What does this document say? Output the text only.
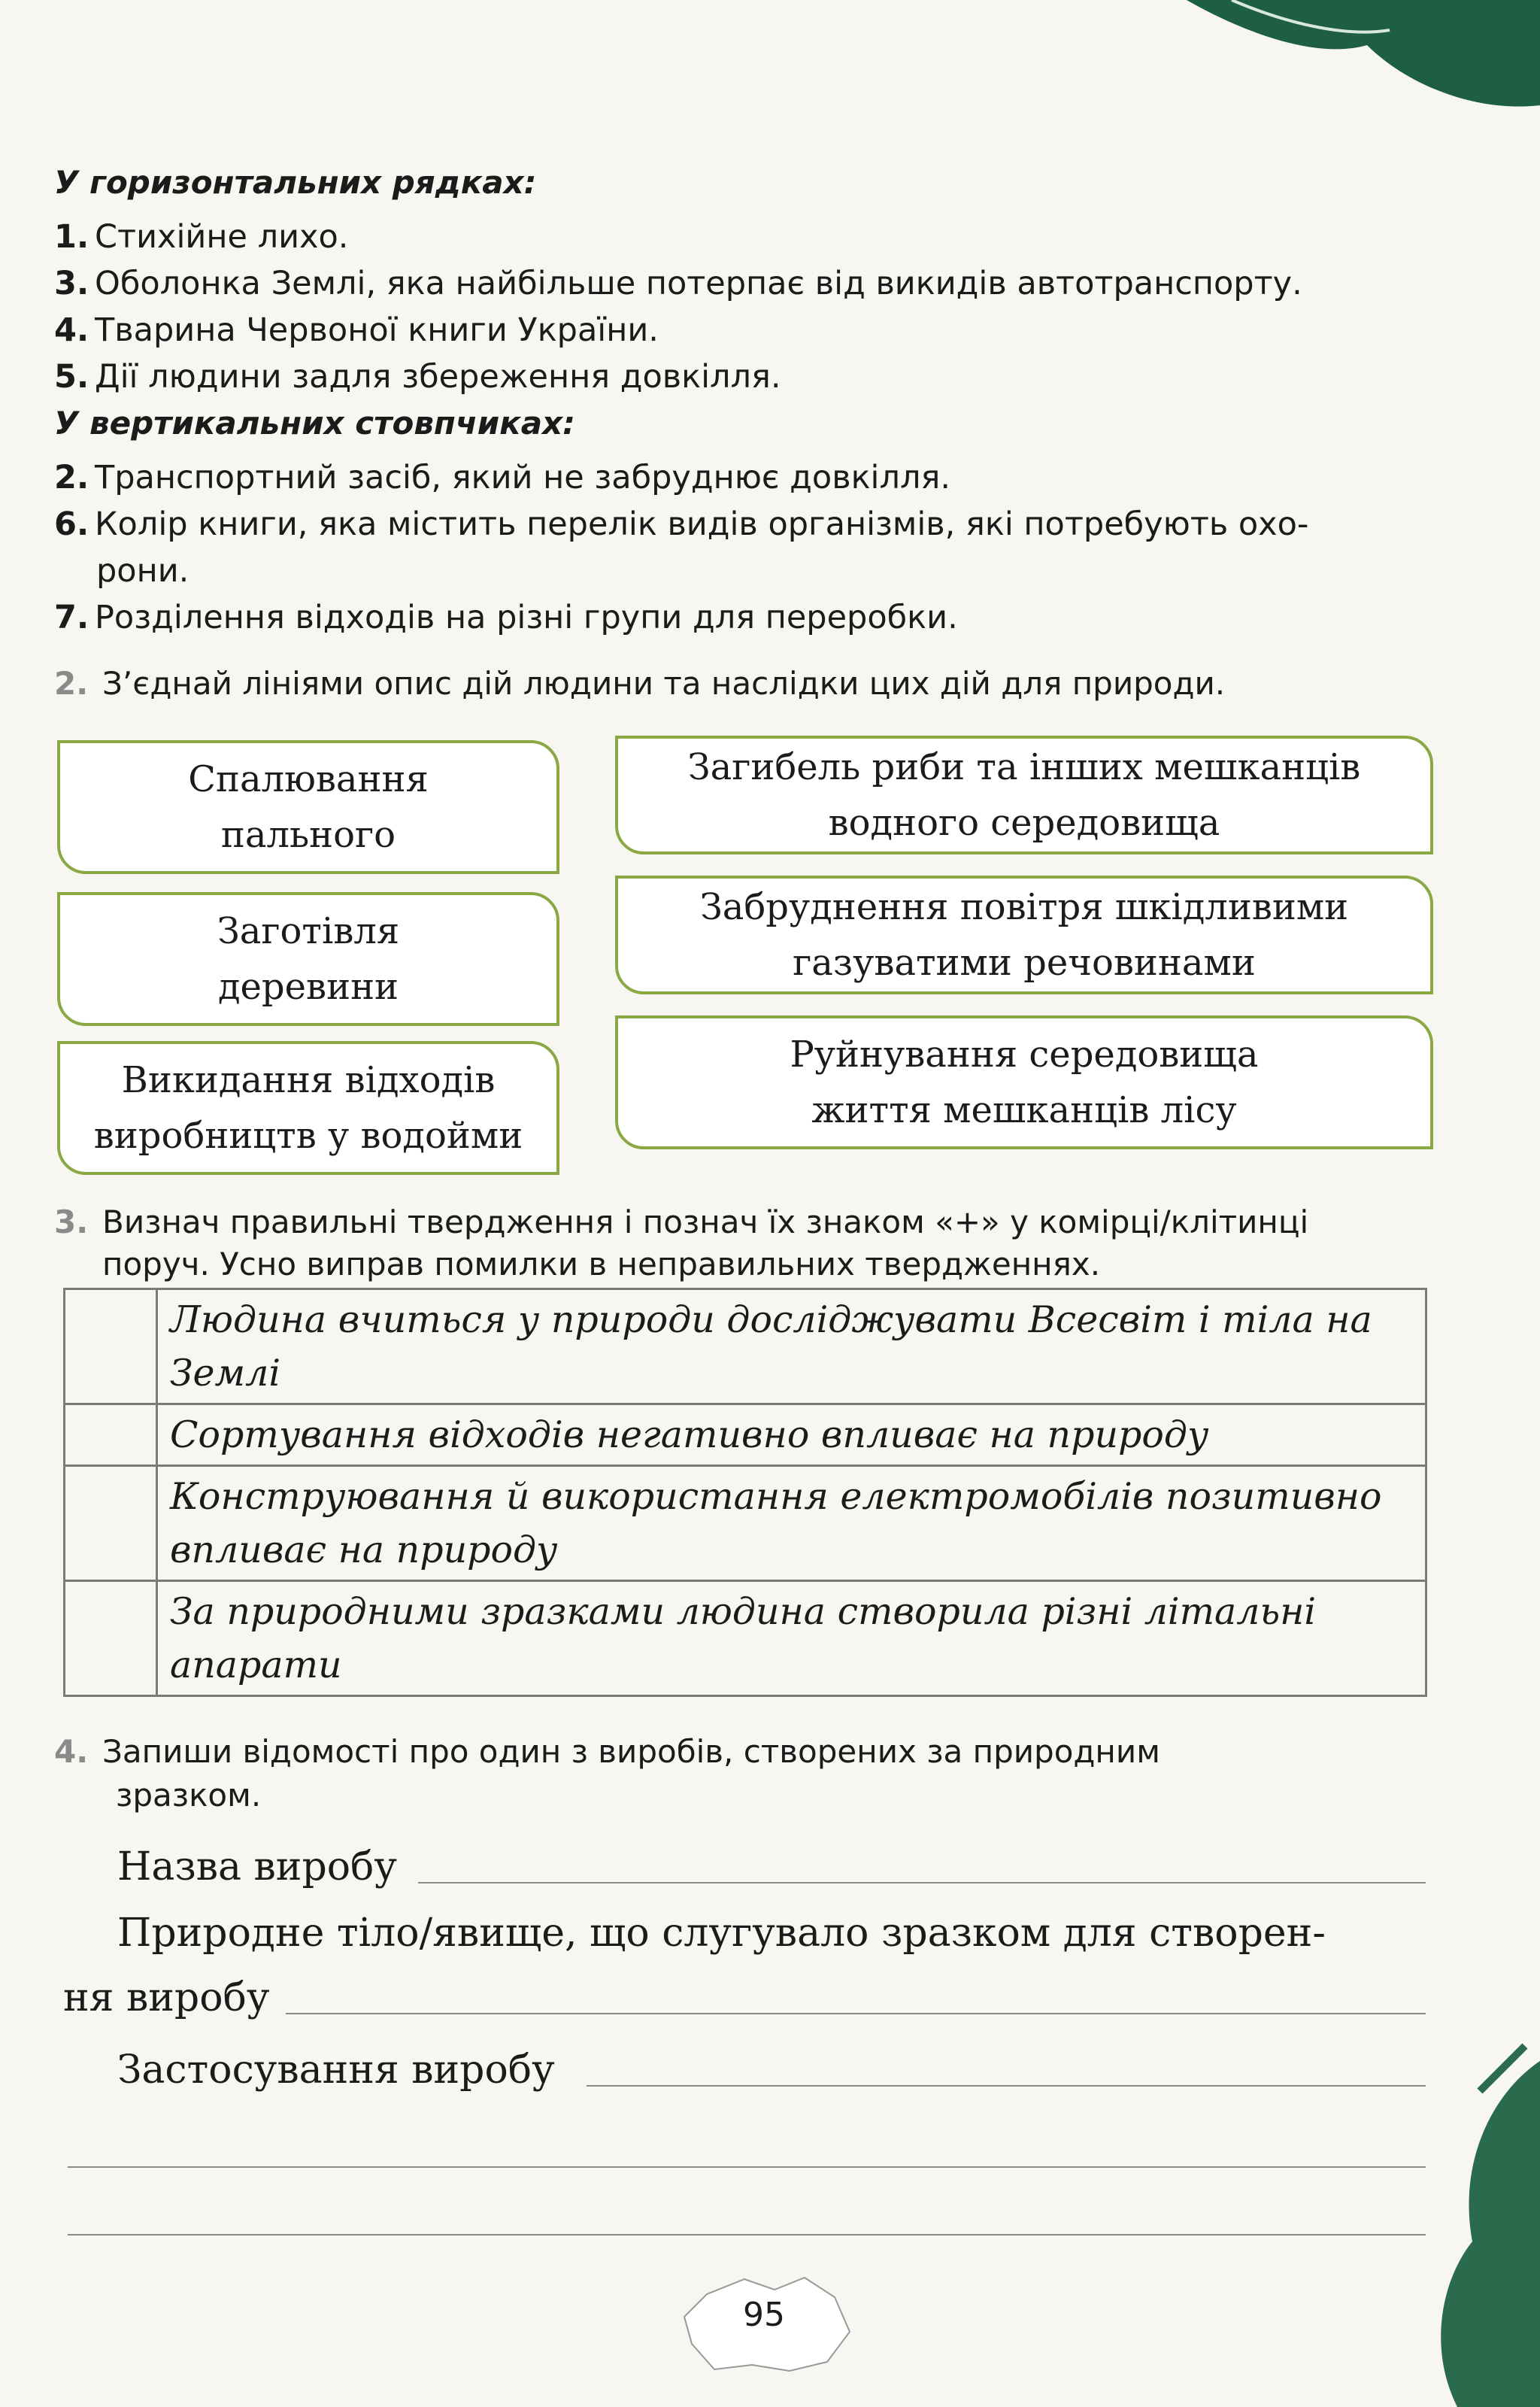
У горизонтальних рядках:
1. Стихійне лихо.
3. Оболонка Землі, яка найбільше потерпає від викидів автотранспорту.
4. Тварина Червоної книги України.
5. Дії людини задля збереження довкілля.
У вертикальних стовпчиках:
2. Транспортний засіб, який не забруднює довкілля.
6. Колір книги, яка містить перелік видів організмів, які потребують охо-
рони.
7. Розділення відходів на різні групи для переробки.
2. З’єднай лініями опис дій людини та наслідки цих дій для природи.
Спалювання пального
Заготівля деревини
Викидання відходів виробництв у водойми
Загибель риби та інших мешканців водного середовища
Забруднення повітря шкідливими газуватими речовинами
Руйнування середовища життя мешканців лісу
3. Визнач правильні твердження і познач їх знаком «+» у комірці/клітинці
поруч. Усно виправ помилки в неправильних твердженнях.
	Людина вчиться у природи досліджувати Всесвіт і тіла на Землі
	Сортування відходів негативно впливає на природу
	Конструювання й використання електромобілів позитивно впливає на природу
	За природними зразками людина створила різні літальні апарати
4. Запиши відомості про один з виробів, створених за природним
зразком.
Назва виробу
Природне тіло/явище, що слугувало зразком для створен-
ня виробу
Застосування виробу
95
